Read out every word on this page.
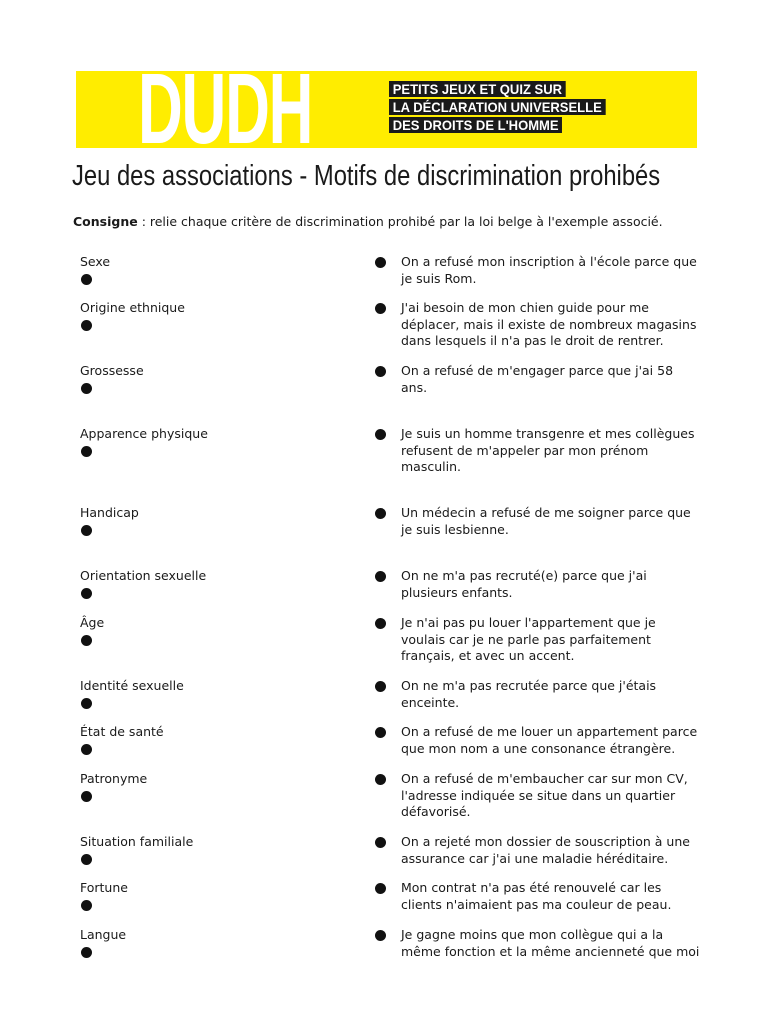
DUDH	PETITS JEUX ET QUIZ SUR
LA DÉCLARATION UNIVERSELLE
DES DROITS DE L'HOMME
Jeu des associations - Motifs de discrimination prohibés
Consigne : relie chaque critère de discrimination prohibé par la loi belge à l'exemple associé.
Sexe	On a refusé mon inscription à l'école parce que je suis Rom.
Origine ethnique	J'ai besoin de mon chien guide pour me déplacer, mais il existe de nombreux magasins dans lesquels il n'a pas le droit de rentrer.
Grossesse	On a refusé de m'engager parce que j'ai 58 ans.
Apparence physique	Je suis un homme transgenre et mes collègues refusent de m'appeler par mon prénom masculin.
Handicap	Un médecin a refusé de me soigner parce que je suis lesbienne.
Orientation sexuelle	On ne m'a pas recruté(e) parce que j'ai plusieurs enfants.
Âge	Je n'ai pas pu louer l'appartement que je voulais car je ne parle pas parfaitement français, et avec un accent.
Identité sexuelle	On ne m'a pas recrutée parce que j'étais enceinte.
État de santé	On a refusé de me louer un appartement parce que mon nom a une consonance étrangère.
Patronyme	On a refusé de m'embaucher car sur mon CV, l'adresse indiquée se situe dans un quartier défavorisé.
Situation familiale	On a rejeté mon dossier de souscription à une assurance car j'ai une maladie héréditaire.
Fortune	Mon contrat n'a pas été renouvelé car les clients n'aimaient pas ma couleur de peau.
Langue	Je gagne moins que mon collègue qui a la même fonction et la même ancienneté que moi
